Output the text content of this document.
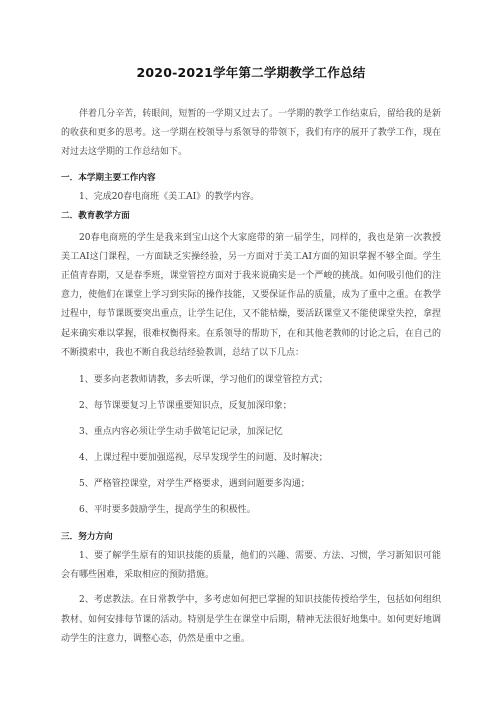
2020-2021学年第二学期教学工作总结

伴着几分辛苦，转眼间，短暂的一学期又过去了。一学期的教学工作结束后，留给我的是新的收获和更多的思考。这一学期在校领导与系领导的带领下，我们有序的展开了教学工作，现在对过去这学期的工作总结如下。

一．本学期主要工作内容

1、完成20春电商班《美工AI》的教学内容。

二．教育教学方面

20春电商班的学生是我来到宝山这个大家庭带的第一届学生，同样的，我也是第一次教授美工AI这门课程，一方面缺乏实操经验，另一方面对于美工AI方面的知识掌握不够全面。学生正值青春期，又是春季班，课堂管控方面对于我来说确实是一个严峻的挑战。如何吸引他们的注意力，使他们在课堂上学习到实际的操作技能，又要保证作品的质量，成为了重中之重。在教学过程中，每节课既要突出重点，让学生记住，又不能枯燥，要活跃课堂又不能使课堂失控，拿捏起来确实难以掌握，很难权衡得来。在系领导的帮助下，在和其他老教师的讨论之后，在自己的不断摸索中，我也不断自我总结经验教训，总结了以下几点：

1、要多向老教师请教，多去听课，学习他们的课堂管控方式；

2、每节课要复习上节课重要知识点，反复加深印象；

3、重点内容必须让学生动手做笔记记录，加深记忆

4、上课过程中要加强巡视，尽早发现学生的问题、及时解决；

5、严格管控课堂，对学生严格要求，遇到问题要多沟通；

6、平时要多鼓励学生，提高学生的积极性。

三．努力方向

1、要了解学生原有的知识技能的质量，他们的兴趣、需要、方法、习惯，学习新知识可能会有哪些困难，采取相应的预防措施。

2、考虑教法。在日常教学中，多考虑如何把已掌握的知识技能传授给学生，包括如何组织教材、如何安排每节课的活动。特别是学生在课堂中后期，精神无法很好地集中。如何更好地调动学生的注意力，调整心态，仍然是重中之重。
